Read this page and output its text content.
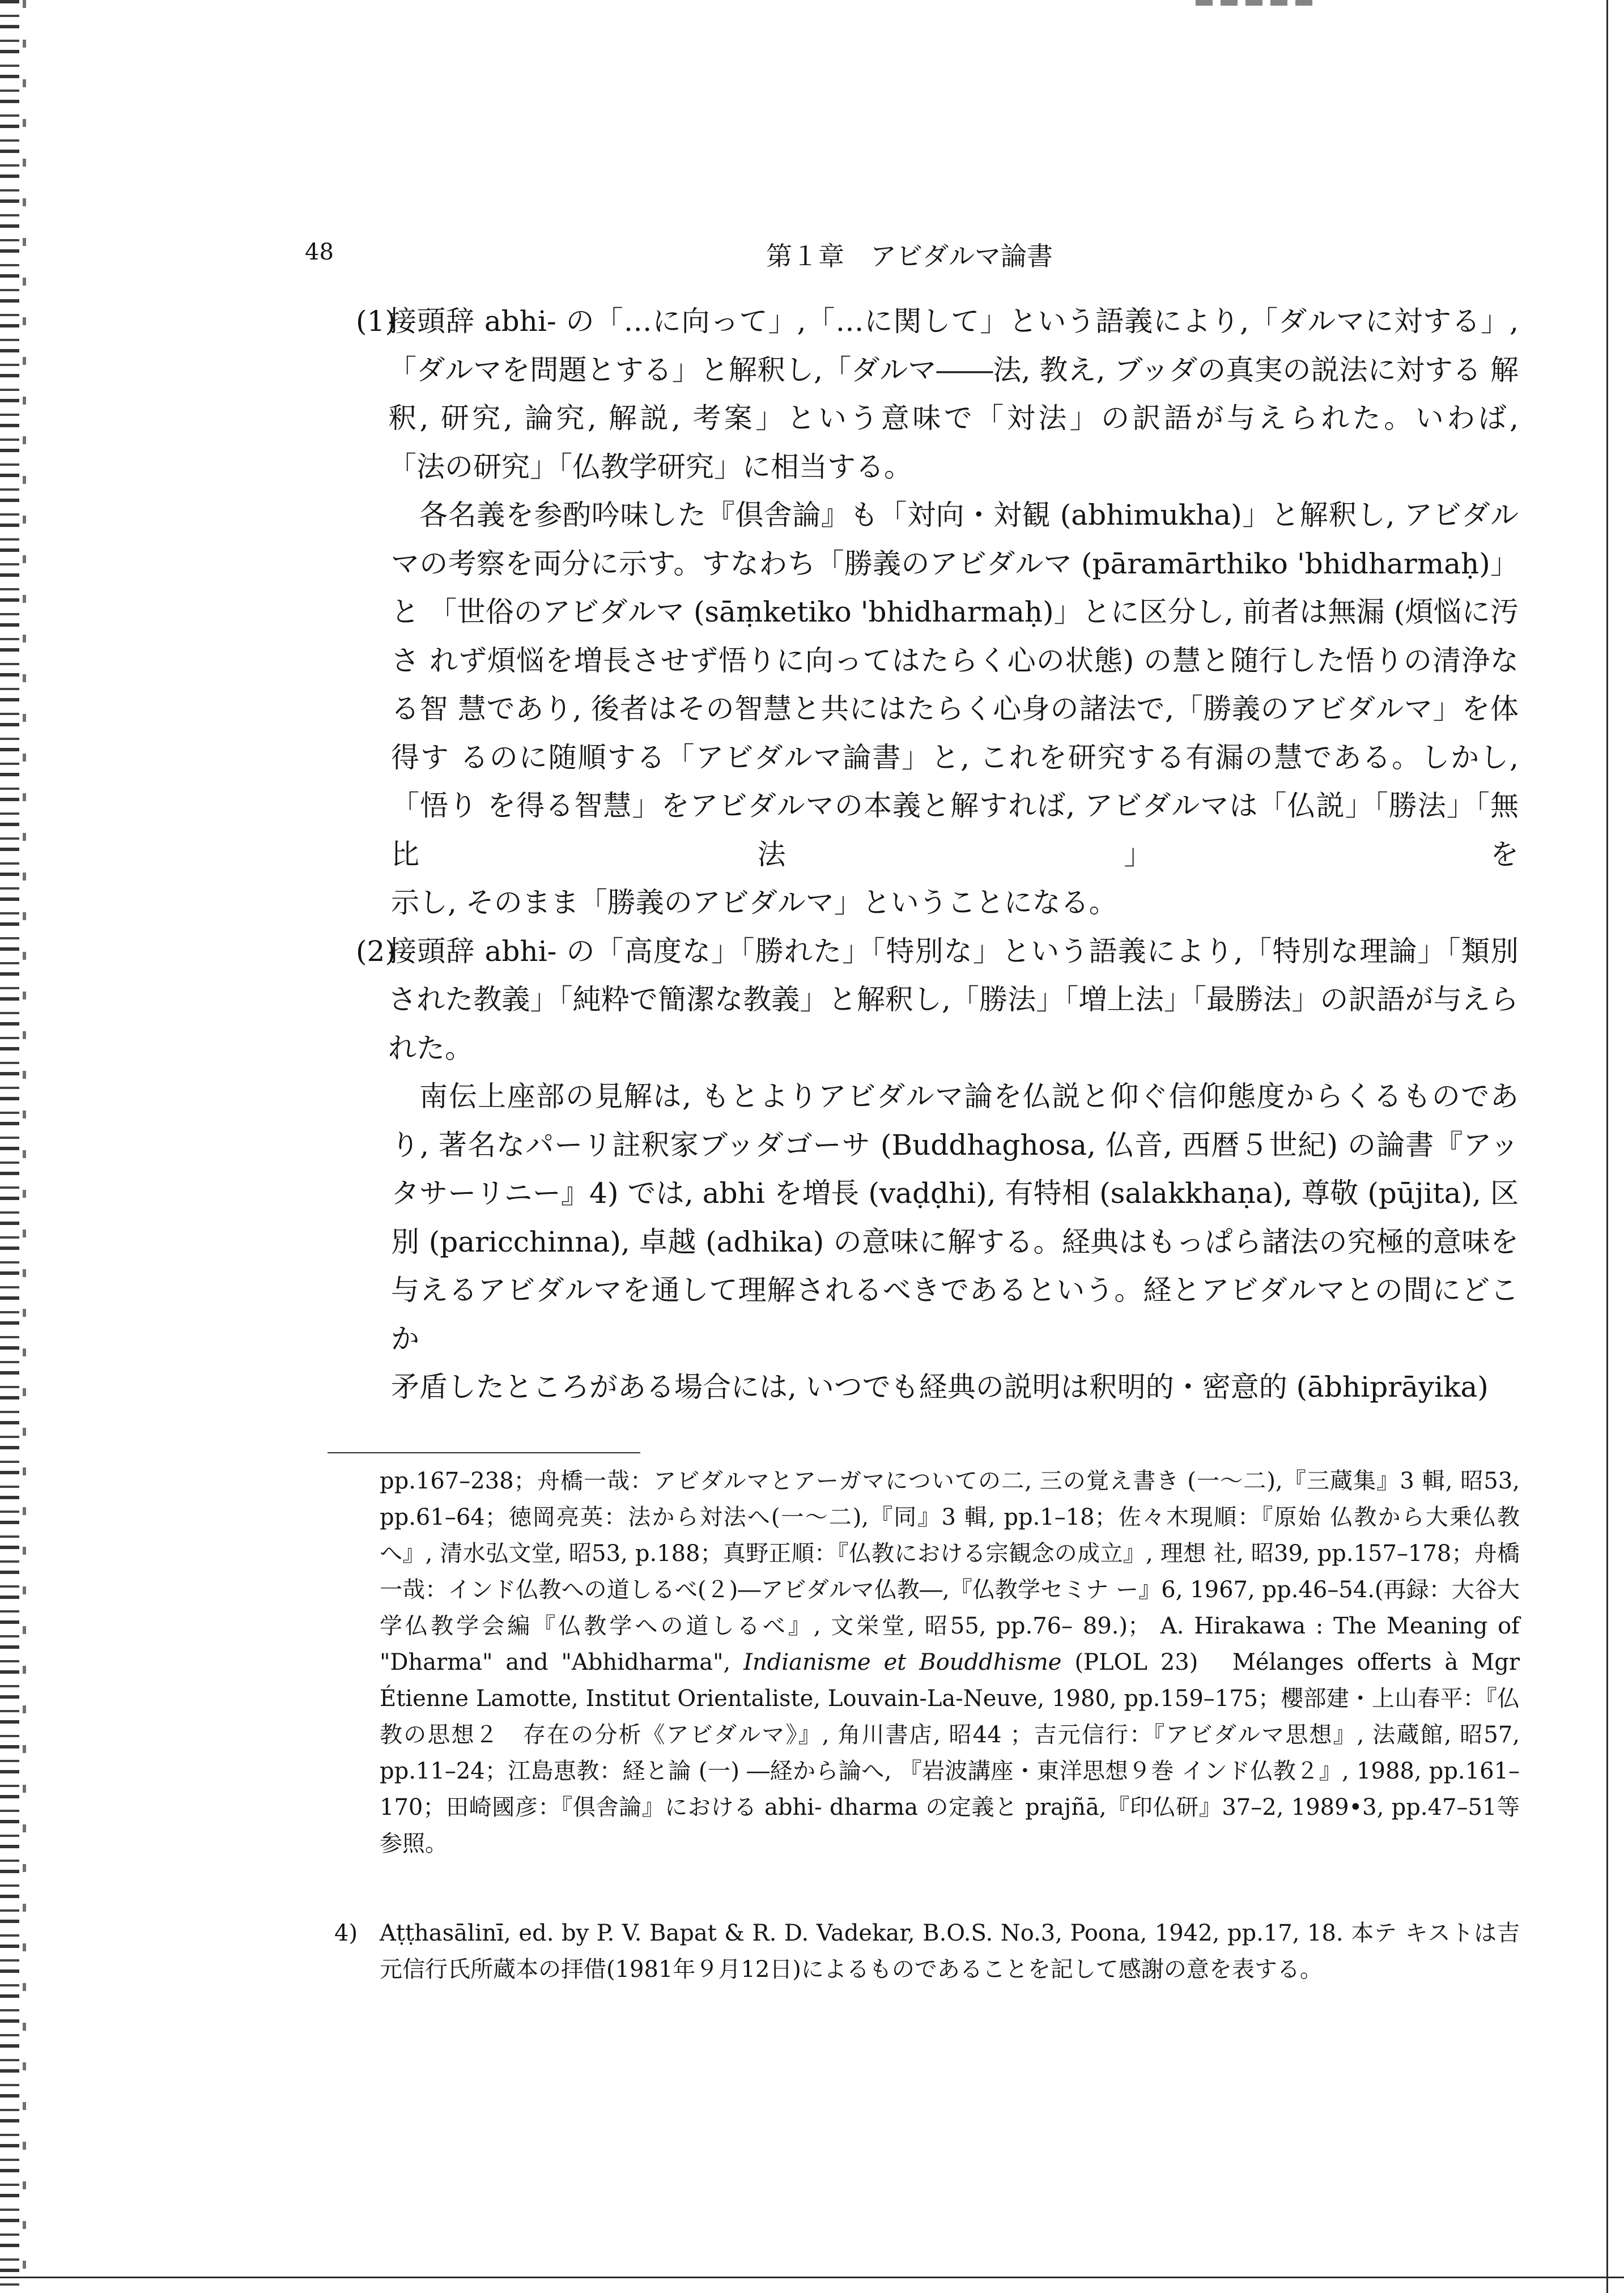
48	第１章　アビダルマ論書

(1)
接頭辞 abhi- の「…に向って」,「…に関して」という語義により,「ダルマに対する」, 「ダルマを問題とする」と解釈し,「ダルマ――法, 教え, ブッダの真実の説法に対する 解釈, 研究, 論究, 解説, 考案」という意味で「対法」の訳語が与えられた。いわば,
「法の研究」「仏教学研究」に相当する。
各名義を参酌吟味した『倶舎論』も「対向・対観 (abhimukha)」と解釈し, アビダル
マの考察を両分に示す。すなわち「勝義のアビダルマ (pāramārthiko 'bhidharmaḥ)」と 「世俗のアビダルマ (sāṃketiko 'bhidharmaḥ)」とに区分し, 前者は無漏 (煩悩に汚さ れず煩悩を増長させず悟りに向ってはたらく心の状態) の慧と随行した悟りの清浄なる智 慧であり, 後者はその智慧と共にはたらく心身の諸法で,「勝義のアビダルマ」を体得す るのに随順する「アビダルマ論書」と, これを研究する有漏の慧である。しかし,「悟り を得る智慧」をアビダルマの本義と解すれば, アビダルマは「仏説」「勝法」「無比法」を
示し, そのまま「勝義のアビダルマ」ということになる。
(2)
接頭辞 abhi- の「高度な」「勝れた」「特別な」という語義により,「特別な理論」「類別 された教義」「純粋で簡潔な教義」と解釈し,「勝法」「増上法」「最勝法」の訳語が与えら
れた。
南伝上座部の見解は, もとよりアビダルマ論を仏説と仰ぐ信仰態度からくるものであ
り, 著名なパーリ註釈家ブッダゴーサ (Buddhaghosa, 仏音, 西暦５世紀) の論書『アッ タサーリニー』4) では, abhi を増長 (vaḍḍhi), 有特相 (salakkhaṇa), 尊敬 (pūjita), 区 別 (paricchinna), 卓越 (adhika) の意味に解する。経典はもっぱら諸法の究極的意味を 与えるアビダルマを通して理解されるべきであるという。経とアビダルマとの間にどこか
矛盾したところがある場合には, いつでも経典の説明は釈明的・密意的 (ābhiprāyika)

pp.167–238；舟橋一哉：アビダルマとアーガマについての二, 三の覚え書き (一〜二),『三蔵集』3 輯, 昭53, pp.61–64；徳岡亮英：法から対法へ(一〜二),『同』3 輯, pp.1–18；佐々木現順：『原始 仏教から大乗仏教へ』, 清水弘文堂, 昭53, p.188；真野正順：『仏教における宗観念の成立』, 理想 社, 昭39, pp.157–178；舟橋一哉：インド仏教への道しるべ(２)―アビダルマ仏教―,『仏教学セミナ ー』6, 1967, pp.46–54.(再録：大谷大学仏教学会編『仏教学への道しるべ』, 文栄堂, 昭55, pp.76– 89.)； A. Hirakawa : The Meaning of "Dharma" and "Abhidharma", Indianisme et Bouddhisme (PLOL 23)　Mélanges offerts à Mgr Étienne Lamotte, Institut Orientaliste, Louvain-La-Neuve, 1980, pp.159–175；櫻部建・上山春平：『仏教の思想２　存在の分析《アビダルマ》』, 角川書店, 昭44 ；吉元信行：『アビダルマ思想』, 法蔵館, 昭57, pp.11–24；江島恵教：経と論 (一) ―経から論へ, 『岩波講座・東洋思想９巻 インド仏教２』, 1988, pp.161–170；田崎國彦：『倶舎論』における abhi- dharma の定義と prajñā,『印仏研』37–2, 1989•3, pp.47–51等参照。

4) Aṭṭhasālinī, ed. by P. V. Bapat & R. D. Vadekar, B.O.S. No.3, Poona, 1942, pp.17, 18. 本テ キストは吉元信行氏所蔵本の拝借(1981年９月12日)によるものであることを記して感謝の意を表する。
